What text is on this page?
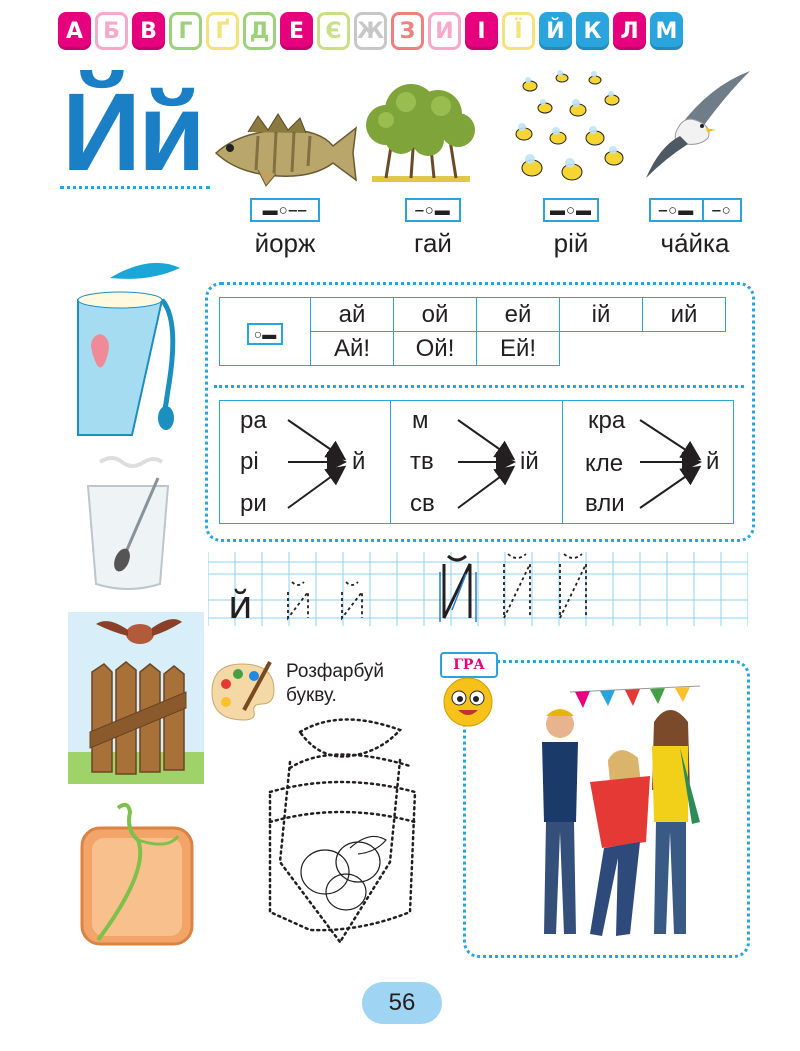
А Б В Г	Ґ Д Е Є Ж З И	І	Ї	Й К Л М
Йй
▬○‒‒
йорж
‒○▬
гай
▬○▬
рій
‒○▬	‒○
ча́йка
○▬	ай	ой	ей	ій	ий
	Ай!	Ой!	Ей!		
ра
рі
ри
й
м
тв
св
ій
кра
кле
вли
й
й
Розфарбуй
букву.
ГРА
56
